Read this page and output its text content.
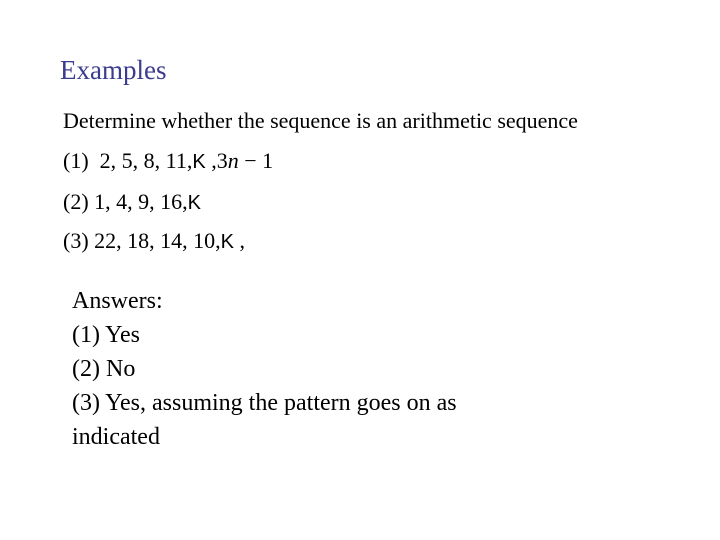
Examples
Determine whether the sequence is an arithmetic sequence
(1) 2, 5, 8, 11,K ,3n − 1
(2) 1, 4, 9, 16,K
(3) 22, 18, 14, 10,K ,
Answers:
(1) Yes
(2) No
(3) Yes, assuming the pattern goes on as
indicated
